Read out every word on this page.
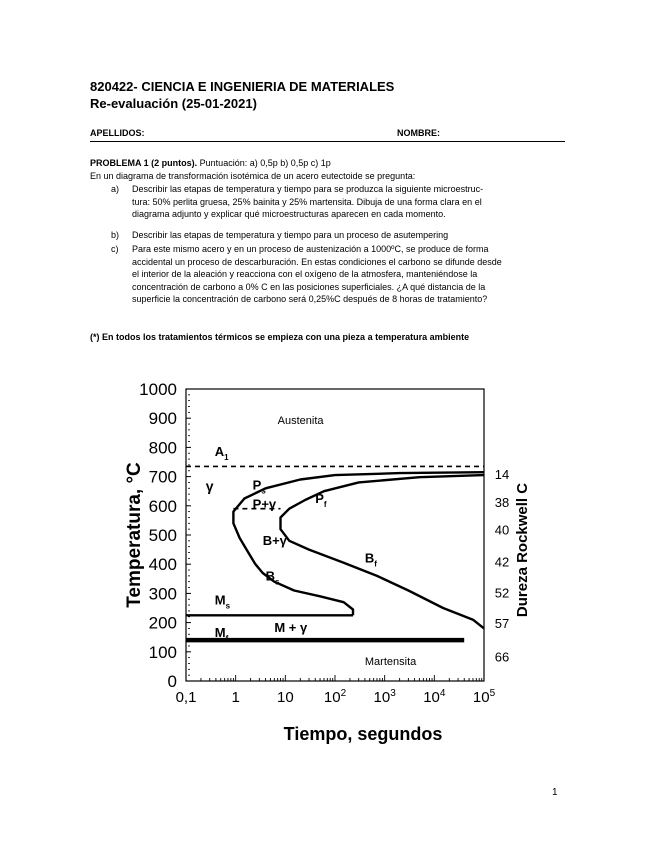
820422- CIENCIA E INGENIERIA DE MATERIALES
Re-evaluación (25-01-2021)
APELLIDOS:	NOMBRE:
PROBLEMA 1 (2 puntos). Puntuación: a) 0,5p b) 0,5p c) 1p
En un diagrama de transformación isotémica de un acero eutectoide se pregunta:
a) Describir las etapas de temperatura y tiempo para se produzca la siguiente microestruc-
tura: 50% perlita gruesa, 25% bainita y 25% martensita. Dibuja de una forma clara en el
diagrama adjunto y explicar qué microestructuras aparecen en cada momento.
b) Describir las etapas de temperatura y tiempo para un proceso de asutempering
c) Para este mismo acero y en un proceso de austenización a 1000ºC, se produce de forma
accidental un proceso de descarburación. En estas condiciones el carbono se difunde desde
el interior de la aleación y reacciona con el oxígeno de la atmosfera, manteniéndose la
concentración de carbono a 0% C en las posiciones superficiales. ¿A qué distancia de la
superficie la concentración de carbono será 0,25%C después de 8 horas de tratamiento?
(*) En todos los tratamientos térmicos se empieza con una pieza a temperatura ambiente
0
100
200
300
400
500
600
700
800
900
1000
0,1 1 10 $10^2$ $10^3$ $10^4$ $10^5$
Temperatura, °C
Tiempo, segundos
Dureza Rockwell C
14
38
40
42
52
57
66
Austenita
$A_1$
γ	$P_s$	$P_f$
P+γ
B+γ
$B_f$
$B_s$
$M_s$
M + γ
$M_f$
Martensita
1
